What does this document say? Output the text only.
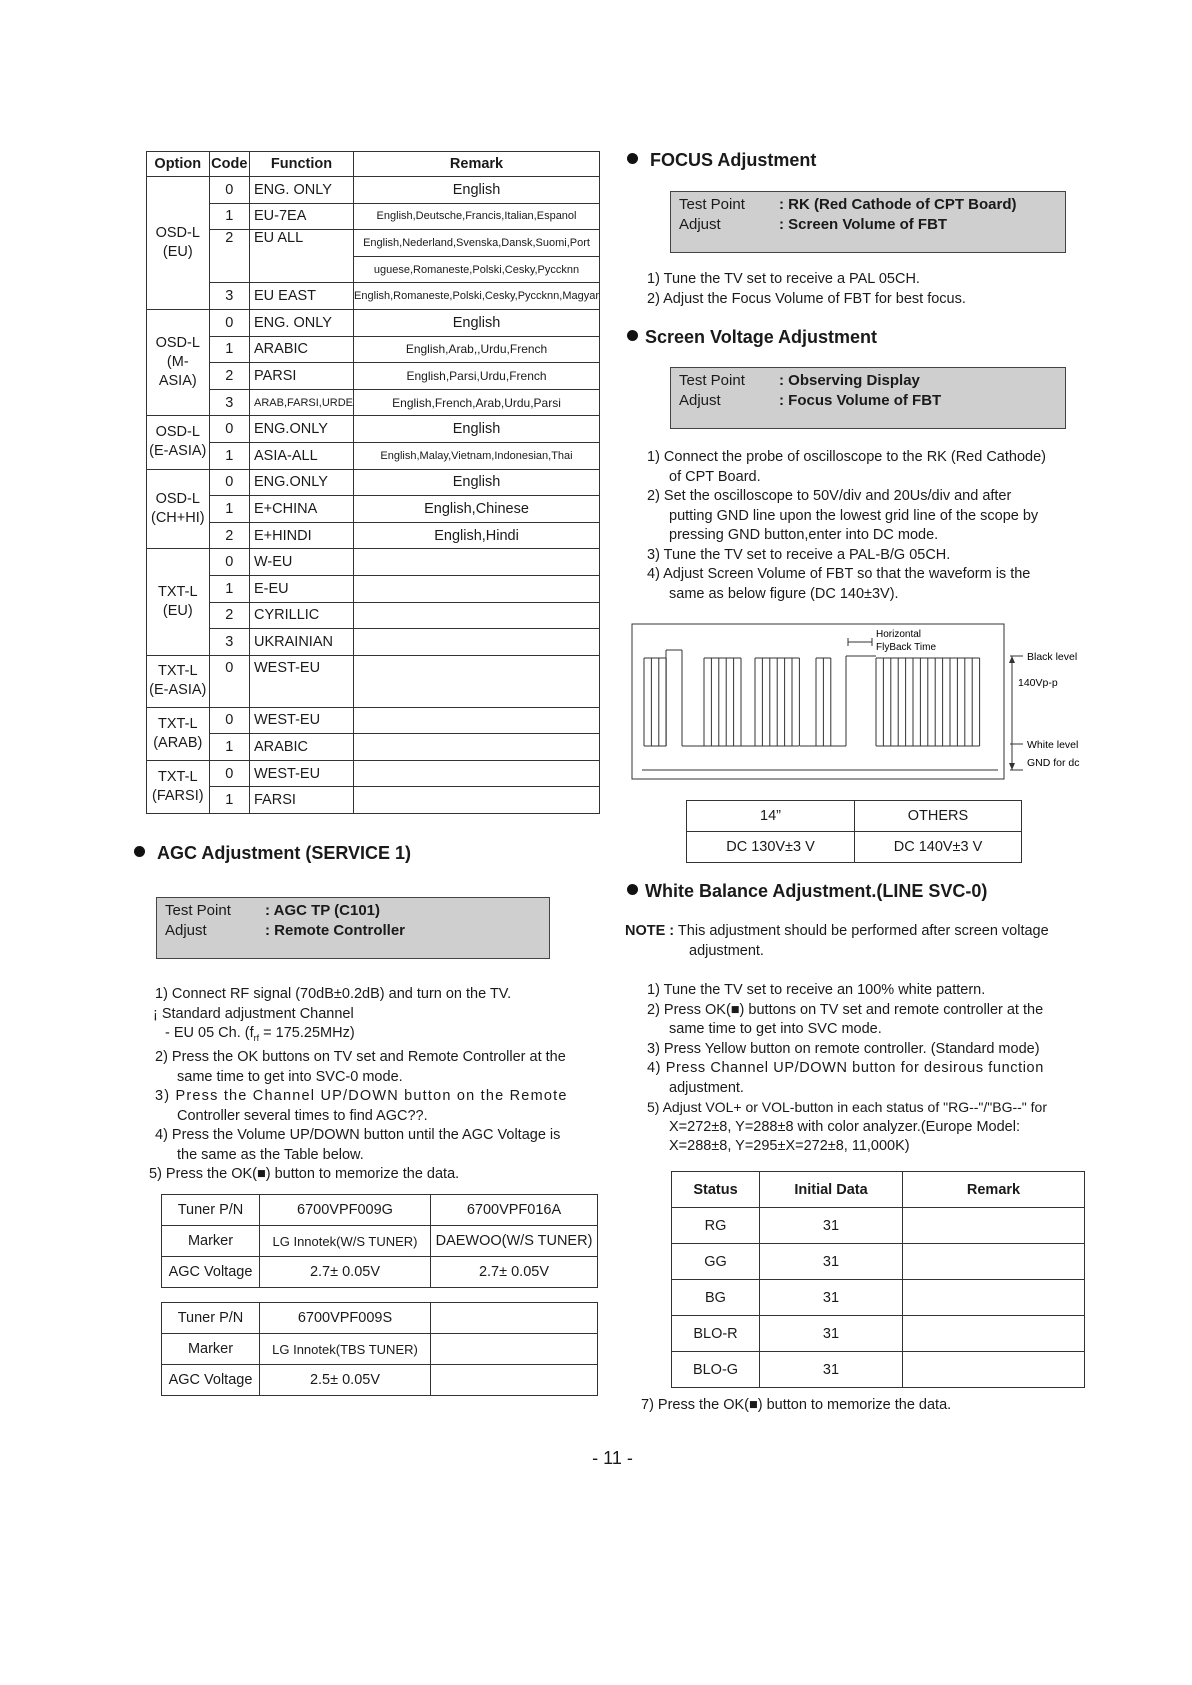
Option	Code	Function	Remark
OSD-L
(EU)	0	ENG. ONLY	English
	1	EU-7EA	English,Deutsche,Francis,Italian,Espanol
	2	EU ALL	English,Nederland,Svenska,Dansk,Suomi,Port
			uguese,Romaneste,Polski,Cesky,Pyccknn
	3	EU EAST	English,Romaneste,Polski,Cesky,Pyccknn,Magyar
OSD-L
(M-
ASIA)	0	ENG. ONLY	English
	1	ARABIC	English,Arab,,Urdu,French
	2	PARSI	English,Parsi,Urdu,French
	3	ARAB,FARSI,URDE	English,French,Arab,Urdu,Parsi
OSD-L
(E-ASIA)	0	ENG.ONLY	English
	1	ASIA-ALL	English,Malay,Vietnam,Indonesian,Thai
OSD-L
(CH+HI)	0	ENG.ONLY	English
	1	E+CHINA	English,Chinese
	2	E+HINDI	English,Hindi
TXT-L
(EU)	0	W-EU	
	1	E-EU	
	2	CYRILLIC	
	3	UKRAINIAN	
TXT-L
(E-ASIA)	0	WEST-EU	
TXT-L
(ARAB)	0	WEST-EU	
	1	ARABIC	
TXT-L
(FARSI)	0	WEST-EU	
	1	FARSI	
AGC Adjustment (SERVICE 1)
Test Point	: AGC TP (C101)
Adjust	: Remote Controller

1) Connect RF signal (70dB±0.2dB) and turn on the TV.

¡ Standard adjustment Channel

- EU 05 Ch. $(f_{rf} = 175.25MHz)$

2) Press the OK buttons on TV set and Remote Controller at the

same time to get into SVC-0 mode.

3) Press the Channel UP/DOWN button on the Remote

Controller several times to find AGC??.

4) Press the Volume UP/DOWN button until the AGC Voltage is

the same as the Table below.

5) Press the OK(■) button to memorize the data.

Tuner P/N	6700VPF009G	6700VPF016A
Marker	LG Innotek(W/S TUNER)	DAEWOO(W/S TUNER)
AGC Voltage	2.7± 0.05V	2.7± 0.05V
Tuner P/N	6700VPF009S	
Marker	LG Innotek(TBS TUNER)	
AGC Voltage	2.5± 0.05V	
FOCUS Adjustment
Test Point	: RK (Red Cathode of CPT Board)
Adjust	: Screen Volume of FBT

1) Tune the TV set to receive a PAL 05CH.

2) Adjust the Focus Volume of FBT for best focus.

Screen Voltage Adjustment
Test Point	: Observing Display
Adjust	: Focus Volume of FBT

1) Connect the probe of oscilloscope to the RK (Red Cathode)

of CPT Board.

2) Set the oscilloscope to 50V/div and 20Us/div and after

putting GND line upon the lowest grid line of the scope by

pressing GND button,enter into DC mode.

3) Tune the TV set to receive a PAL-B/G 05CH.

4) Adjust Screen Volume of FBT so that the waveform is the

same as below figure (DC 140±3V).

Horizontal
FlyBack Time
Black level
140Vp-p
White level
GND for dc
14”	OTHERS
DC 130V±3 V	DC 140V±3 V
White Balance Adjustment.(LINE SVC-0)
NOTE : This adjustment should be performed after screen voltage
adjustment.

1) Tune the TV set to receive an 100% white pattern.

2) Press OK(■) buttons on TV set and remote controller at the

same time to get into SVC mode.

3) Press Yellow button on remote controller. (Standard mode)

4) Press Channel UP/DOWN button for desirous function

adjustment.

5) Adjust VOL+ or VOL-button in each status of "RG--"/"BG--" for

X=272±8, Y=288±8 with color analyzer.(Europe Model:

X=288±8, Y=295±X=272±8, 11,000K)

Status	Initial Data	Remark
RG	31	
GG	31	
BG	31	
BLO-R	31	
BLO-G	31	
7) Press the OK(■) button to memorize the data.
- 11 -
